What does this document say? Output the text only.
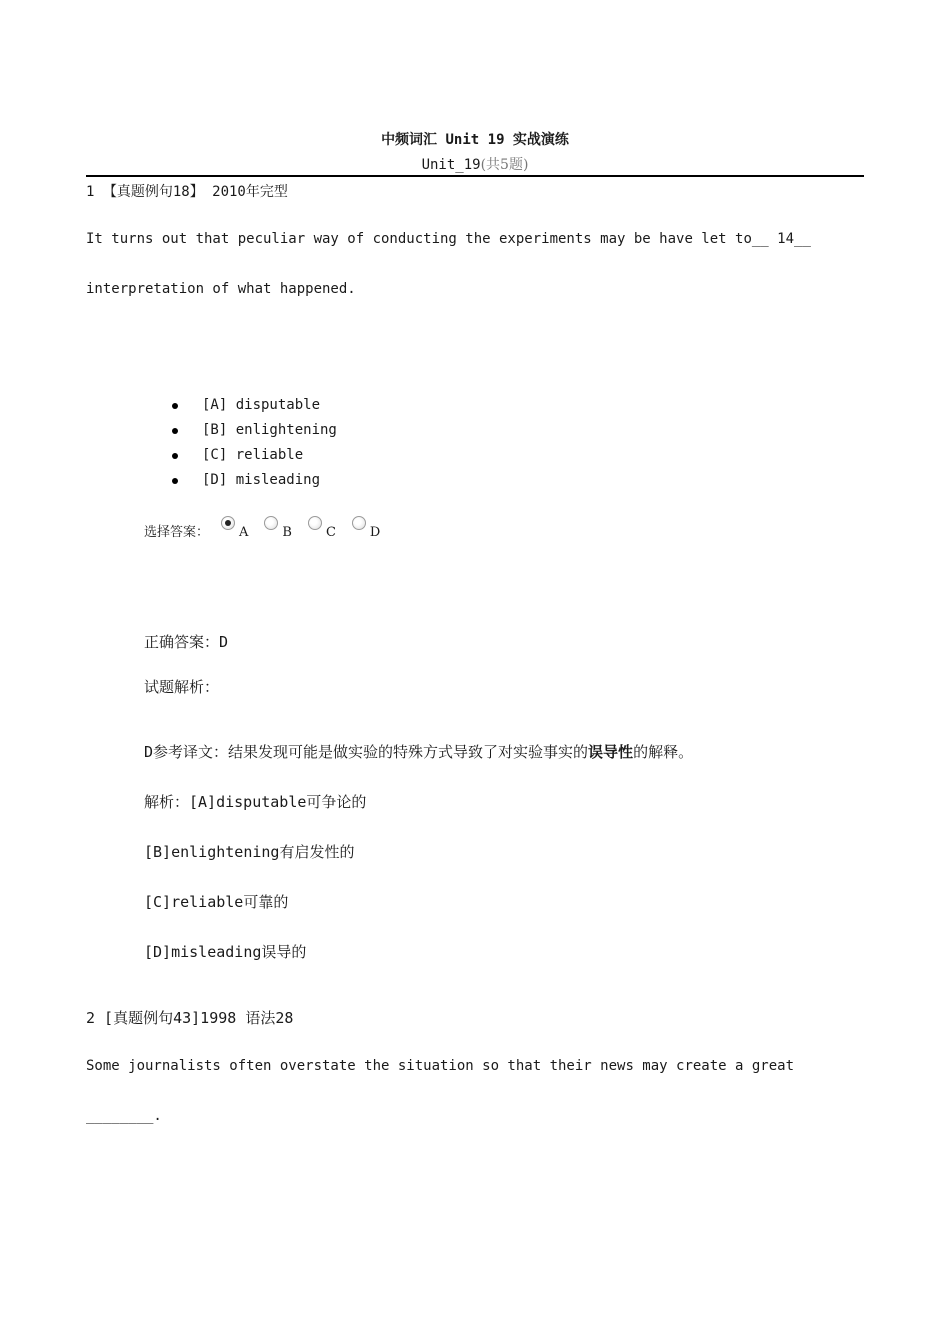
中频词汇 Unit 19 实战演练
Unit_19(共5题)
1 【真题例句18】 2010年完型
It turns out that peculiar way of conducting the experiments may be have let to__ 14__
interpretation of what happened.
[A] disputable
[B] enlightening
[C] reliable
[D] misleading
选择答案： A	B	C	D
正确答案：D
试题解析：
D参考译文：结果发现可能是做实验的特殊方式导致了对实验事实的误导性的解释。
解析：[A]disputable可争论的
[B]enlightening有启发性的
[C]reliable可靠的
[D]misleading误导的
2 [真题例句43]1998 语法28
Some journalists often overstate the situation so that their news may create a great
________.
